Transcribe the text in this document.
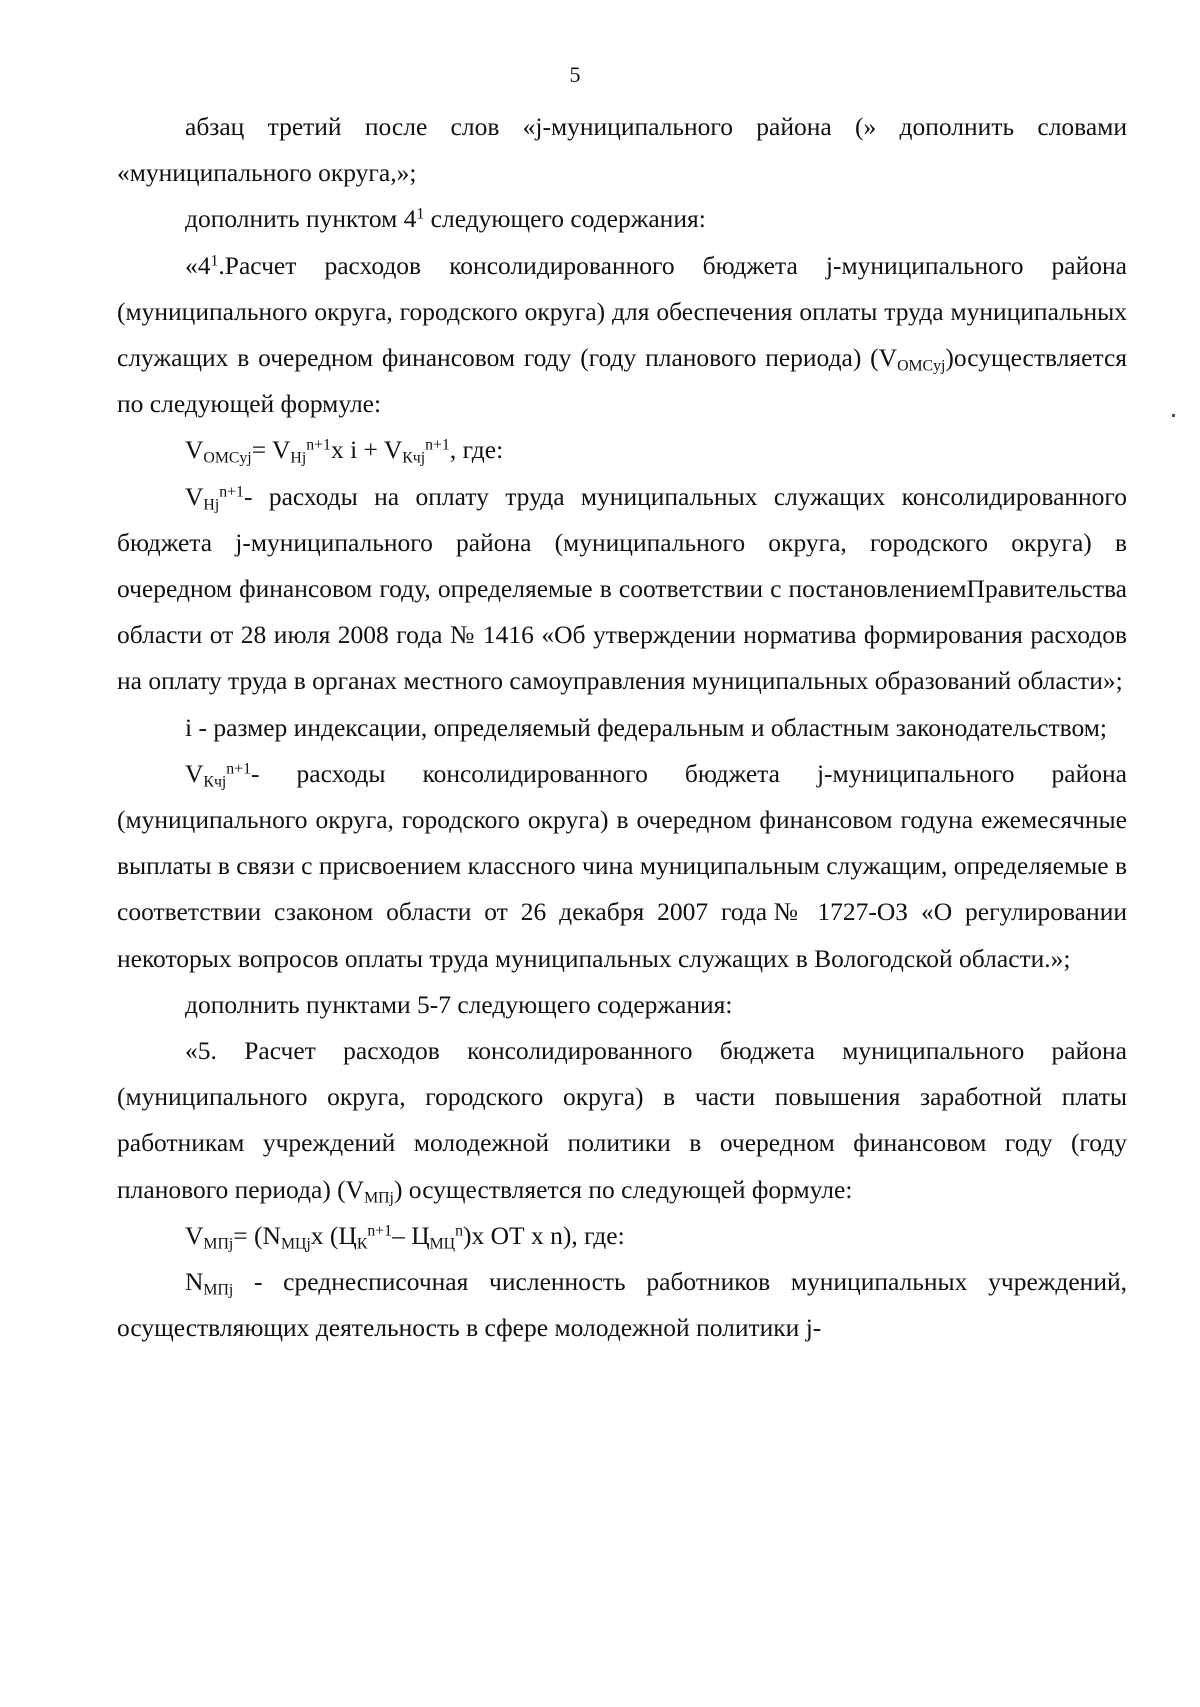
5

абзац третий после слов «j-муниципального района (» дополнить словами «муниципального округа,»;

дополнить пунктом $4^1$ следующего содержания:

«$4^1.Расчет$ расходов консолидированного бюджета j-муниципального района (муниципального округа, городского округа) для обеспечения оплаты труда муниципальных служащих в очередном финансовом году (году планового периода) $(V_{OMCyj})осуществляется$ по следующей формуле:

$V_{OMCyj}= V_{Hj}^{n+1}x$ $i + V_{Кчj}^{n+1}$, где:

$V_{Hj}^{n+1}-$ расходы на оплату труда муниципальных служащих консолидированного бюджета j-муниципального района (муниципального округа, городского округа) в очередном финансовом году, определяемые в соответствии с постановлениемПравительства области от 28 июля 2008 года № 1416 «Об утверждении норматива формирования расходов на оплату труда в органах местного самоуправления муниципальных образований области»;

i - размер индексации, определяемый федеральным и областным законодательством;

$V_{Кчj}^{n+1}-$ расходы консолидированного бюджета j-муниципального района (муниципального округа, городского округа) в очередном финансовом годуна ежемесячные выплаты в связи с присвоением классного чина муниципальным служащим, определяемые в соответствии сзаконом области от 26 декабря 2007 года№ 1727-ОЗ «О регулировании некоторых вопросов оплаты труда муниципальных служащих в Вологодской области.»;

дополнить пунктами 5-7 следующего содержания:

«5. Расчет расходов консолидированного бюджета муниципального района (муниципального округа, городского округа) в части повышения заработной платы работникам учреждений молодежной политики в очередном финансовом году (году планового периода) $(V_{МПj})$ осуществляется по следующей формуле:

$V_{МПj}= (N_{МЦj}x$ ($Ц_К^{n+1}-$ $Ц_{МЦ}^n)x$ ОТ x n), где:

$N_{МПj}$ - среднесписочная численность работников муниципальных учреждений, осуществляющих деятельность в сфере молодежной политики j-
